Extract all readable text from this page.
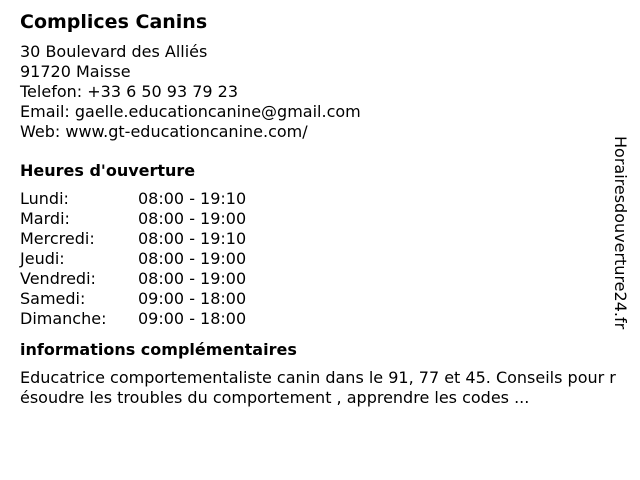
Complices Canins
30 Boulevard des Alliés
91720 Maisse
Telefon: +33 6 50 93 79 23
Email: gaelle.educationcanine@gmail.com
Web: www.gt-educationcanine.com/
Heures d'ouverture
Lundi:	08:00 - 19:10
Mardi:	08:00 - 19:00
Mercredi:	08:00 - 19:10
Jeudi:	08:00 - 19:00
Vendredi:	08:00 - 19:00
Samedi:	09:00 - 18:00
Dimanche:	09:00 - 18:00
informations complémentaires
Educatrice comportementaliste canin dans le 91, 77 et 45. Conseils pour résoudre les troubles du comportement , apprendre les codes ...
Horairesdouverture24.fr
